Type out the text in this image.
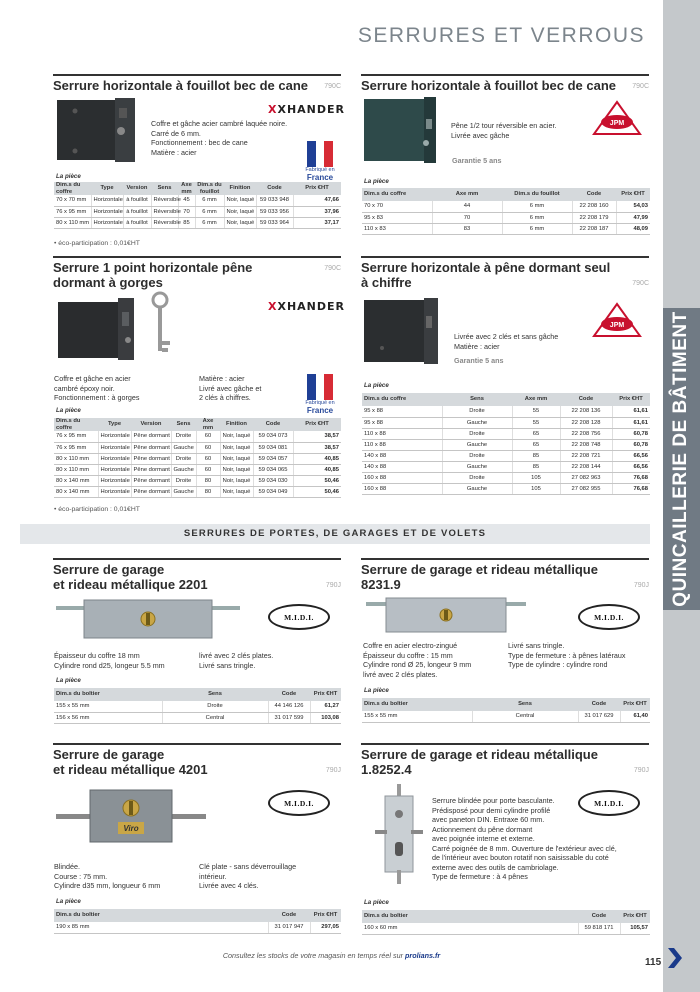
QUINCAILLERIE DE BÂTIMENT
SERRURES ET VERROUS
Serrure horizontale à fouillot bec de cane 790C
XXHANDER
Coffre et gâche acier cambré laquée noire.
Carré de 6 mm.
Fonctionnement : bec de cane
Matière : acier
Fabriqué en
France
La pièce
Dim.s du coffre	Type	Version	Sens	Axe mm	Dim.s du fouillot	Finition	Code	Prix €HT
70 x 70 mm	Horizontale	à fouillot	Réversible	45	6 mm	Noir, laqué	59 033 948	47,66
76 x 95 mm	Horizontale	à fouillot	Réversible	70	6 mm	Noir, laqué	59 033 956	37,96
80 x 110 mm	Horizontale	à fouillot	Réversible	85	6 mm	Noir, laqué	59 033 964	37,17
• éco-participation : 0,01€HT
Serrure horizontale à fouillot bec de cane 790C
JPM
Pêne 1/2 tour réversible en acier.
Livrée avec gâche
Garantie 5 ans
La pièce
Dim.s du coffre	Axe mm	Dim.s du fouillot	Code	Prix €HT
70 x 70	44	6 mm	22 208 160	54,03
95 x 83	70	6 mm	22 208 179	47,99
110 x 83	83	6 mm	22 208 187	48,09
Serrure 1 point horizontale pêne
dormant à gorges
790C
XXHANDER
Coffre et gâche en acier
cambré époxy noir.
Fonctionnement : à gorges
Matière : acier
Livré avec gâche et
2 clés à chiffres.
Fabriqué en
France
La pièce
Dim.s du coffre	Type	Version	Sens	Axe mm	Finition	Code	Prix €HT
76 x 95 mm	Horizontale	Pêne dormant	Droite	60	Noir, laqué	59 034 073	38,57
76 x 95 mm	Horizontale	Pêne dormant	Gauche	60	Noir, laqué	59 034 081	38,57
80 x 110 mm	Horizontale	Pêne dormant	Droite	60	Noir, laqué	59 034 057	40,85
80 x 110 mm	Horizontale	Pêne dormant	Gauche	60	Noir, laqué	59 034 065	40,85
80 x 140 mm	Horizontale	Pêne dormant	Droite	80	Noir, laqué	59 034 030	50,46
80 x 140 mm	Horizontale	Pêne dormant	Gauche	80	Noir, laqué	59 034 049	50,46
• éco-participation : 0,01€HT
Serrure horizontale à pêne dormant seul
à chiffre	790C
JPM
Livrée avec 2 clés et sans gâche
Matière : acier
Garantie 5 ans
La pièce
Dim.s du coffre	Sens	Axe mm	Code	Prix €HT
95 x 88	Droite	55	22 208 136	61,61
95 x 88	Gauche	55	22 208 128	61,61
110 x 88	Droite	65	22 208 756	60,78
110 x 88	Gauche	65	22 208 748	60,78
140 x 88	Droite	85	22 208 721	66,56
140 x 88	Gauche	85	22 208 144	66,56
160 x 88	Droite	105	27 082 963	76,68
160 x 88	Gauche	105	27 082 955	76,68
SERRURES DE PORTES, DE GARAGES ET DE VOLETS
Serrure de garage
et rideau métallique 2201	790J
M.I.D.I.
Épaisseur du coffre 18 mm
Cylindre rond d25, longeur 5.5 mm
livré avec 2 clés plates.
Livré sans tringle.
La pièce
Dim.s du boîtier	Sens	Code	Prix €HT
155 x 55 mm	Droite	44 146 126	61,27
156 x 56 mm	Central	31 017 599	103,08
Serrure de garage et rideau métallique
8231.9	790J
M.I.D.I.
Coffre en acier electro-zingué
Épaisseur du coffre : 15 mm
Cylindre rond Ø 25, longeur 9 mm
livré avec 2 clés plates.
Livré sans tringle.
Type de fermeture : à pênes latéraux
Type de cylindre : cylindre rond
La pièce
Dim.s du boîtier	Sens	Code	Prix €HT
155 x 55 mm	Central	31 017 629	61,40
Serrure de garage
et rideau métallique 4201	790J
Viro
M.I.D.I.
Blindée.
Course : 75 mm.
Cylindre d35 mm, longueur 6 mm
Clé plate - sans déverrouillage
intérieur.
Livrée avec 4 clés.
La pièce
Dim.s du boîtier	Code	Prix €HT
190 x 85 mm	31 017 947	297,05
Serrure de garage et rideau métallique
1.8252.4	790J
M.I.D.I.
Serrure blindée pour porte basculante.
Prédisposé pour demi cylindre profilé
avec paneton DIN. Entraxe 60 mm.
Actionnement du pêne dormant
avec poignée interne et externe.
Carré poignée de 8 mm. Ouverture de l'extérieur avec clé,
de l'intérieur avec bouton rotatif non saisissable du coté
externe avec des outils de cambriolage.
Type de fermeture : à 4 pênes
La pièce
Dim.s du boîtier	Code	Prix €HT
160 x 60 mm	59 818 171	105,57
Consultez les stocks de votre magasin en temps réel sur prolians.fr
115
